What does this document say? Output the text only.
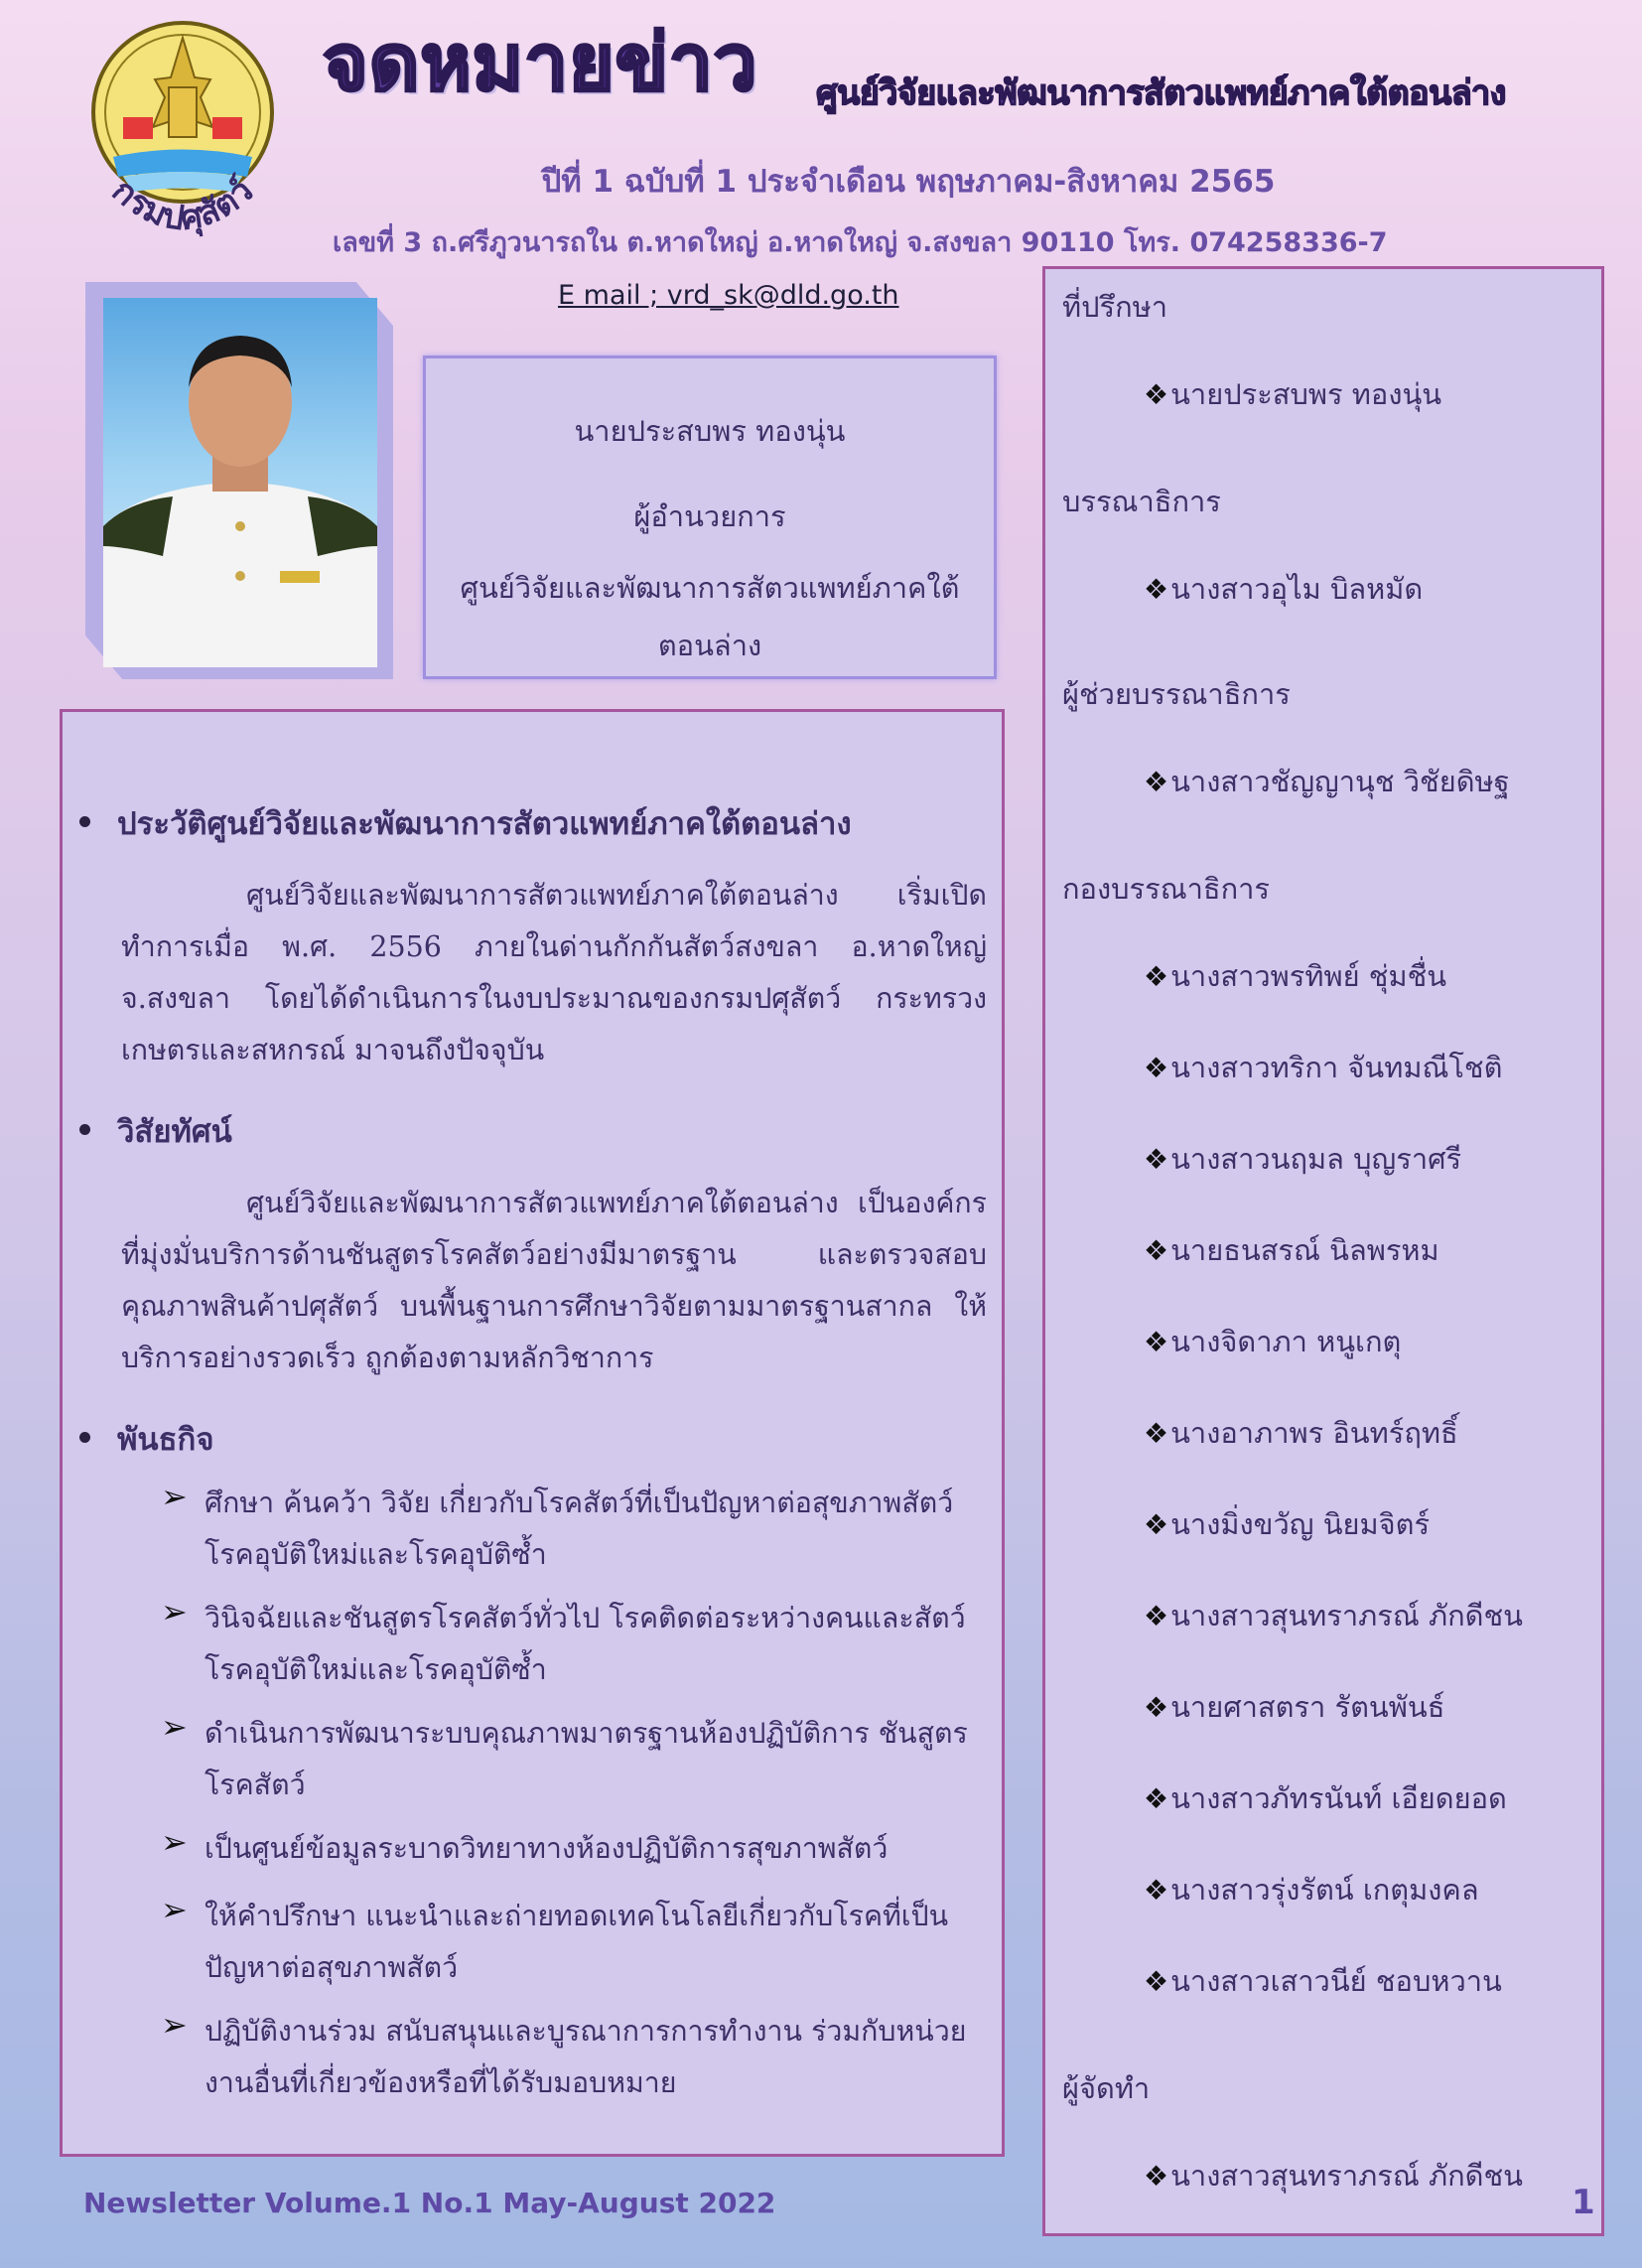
กรมปศุสัตว์
จดหมายข่าว ศูนย์วิจัยและพัฒนาการสัตวแพทย์ภาคใต้ตอนล่าง
ปีที่ 1 ฉบับที่ 1 ประจำเดือน พฤษภาคม-สิงหาคม 2565
เลขที่ 3 ถ.ศรีภูวนารถใน ต.หาดใหญ่ อ.หาดใหญ่ จ.สงขลา 90110 โทร. 074258336-7
E mail ; vrd_sk@dld.go.th
นายประสบพร ทองนุ่น
ผู้อำนวยการ
ศูนย์วิจัยและพัฒนาการสัตวแพทย์ภาคใต้
ตอนล่าง
ประวัติศูนย์วิจัยและพัฒนาการสัตวแพทย์ภาคใต้ตอนล่าง
ศูนย์วิจัยและพัฒนาการสัตวแพทย์ภาคใต้ตอนล่าง เริ่มเปิดทำการเมื่อ พ.ศ. 2556 ภายในด่านกักกันสัตว์สงขลา อ.หาดใหญ่ จ.สงขลา โดยได้ดำเนินการในงบประมาณของกรมปศุสัตว์ กระทรวงเกษตรและสหกรณ์ มาจนถึงปัจจุบัน
วิสัยทัศน์
ศูนย์วิจัยและพัฒนาการสัตวแพทย์ภาคใต้ตอนล่าง เป็นองค์กรที่มุ่งมั่นบริการด้านชันสูตรโรคสัตว์อย่างมีมาตรฐาน และตรวจสอบคุณภาพสินค้าปศุสัตว์ บนพื้นฐานการศึกษาวิจัยตามมาตรฐานสากล ให้บริการอย่างรวดเร็ว ถูกต้องตามหลักวิชาการ
พันธกิจ
➢ ศึกษา ค้นคว้า วิจัย เกี่ยวกับโรคสัตว์ที่เป็นปัญหาต่อสุขภาพสัตว์ โรคอุบัติใหม่และโรคอุบัติซ้ำ
➢ วินิจฉัยและชันสูตรโรคสัตว์ทั่วไป โรคติดต่อระหว่างคนและสัตว์ โรคอุบัติใหม่และโรคอุบัติซ้ำ
➢ ดำเนินการพัฒนาระบบคุณภาพมาตรฐานห้องปฏิบัติการ ชันสูตรโรคสัตว์
➢ เป็นศูนย์ข้อมูลระบาดวิทยาทางห้องปฏิบัติการสุขภาพสัตว์
➢ ให้คำปรึกษา แนะนำและถ่ายทอดเทคโนโลยีเกี่ยวกับโรคที่เป็นปัญหาต่อสุขภาพสัตว์
➢ ปฏิบัติงานร่วม สนับสนุนและบูรณาการการทำงาน ร่วมกับหน่วยงานอื่นที่เกี่ยวข้องหรือที่ได้รับมอบหมาย
ที่ปรึกษา
❖นายประสบพร ทองนุ่น
บรรณาธิการ
❖นางสาวอุไม บิลหมัด
ผู้ช่วยบรรณาธิการ
❖นางสาวชัญญานุช วิชัยดิษฐ
กองบรรณาธิการ
❖นางสาวพรทิพย์ ชุ่มชื่น
❖นางสาวทริกา จันทมณีโชติ
❖นางสาวนฤมล บุญราศรี
❖นายธนสรณ์ นิลพรหม
❖นางจิดาภา หนูเกตุ
❖นางอาภาพร อินทร์ฤทธิ์
❖นางมิ่งขวัญ นิยมจิตร์
❖นางสาวสุนทราภรณ์ ภักดีชน
❖นายศาสตรา รัตนพันธ์
❖นางสาวภัทรนันท์ เอียดยอด
❖นางสาวรุ่งรัตน์ เกตุมงคล
❖นางสาวเสาวนีย์ ชอบหวาน
ผู้จัดทำ
❖นางสาวสุนทราภรณ์ ภักดีชน
Newsletter Volume.1 No.1 May-August 2022	1
